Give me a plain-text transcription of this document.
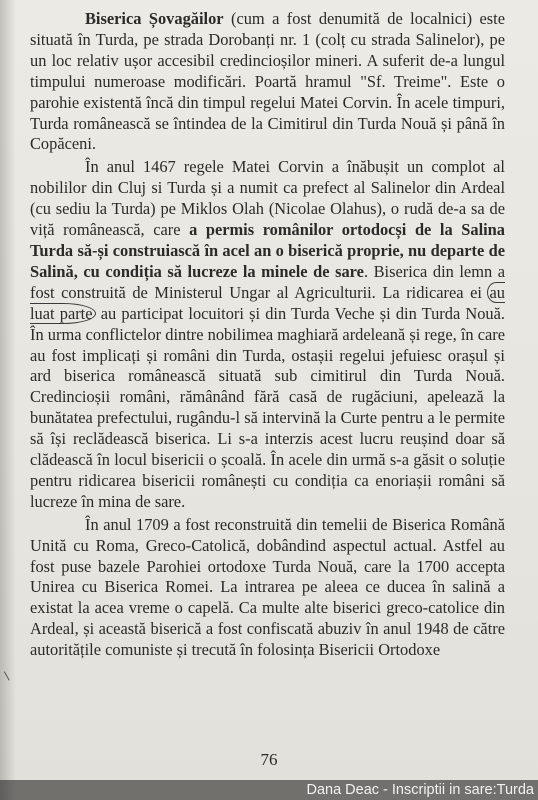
Biserica Șovagăilor (cum a fost denumită de localnici) este situată în Turda, pe strada Dorobanți nr. 1 (colț cu strada Salinelor), pe un loc relativ ușor accesibil credincioșilor mineri. A suferit de-a lungul timpului numeroase modificări. Poartă hramul "Sf. Treime". Este o parohie existentă încă din timpul regelui Matei Corvin. În acele timpuri, Turda românească se întindea de la Cimitirul din Turda Nouă și până în Copăceni.

În anul 1467 regele Matei Corvin a înăbușit un complot al nobililor din Cluj si Turda și a numit ca prefect al Salinelor din Ardeal (cu sediu la Turda) pe Miklos Olah (Nicolae Olahus), o rudă de-a sa de viță românească, care a permis românilor ortodocși de la Salina Turda să-și construiască în acel an o biserică proprie, nu departe de Salină, cu condiția să lucreze la minele de sare. Biserica din lemn a fost construită de Ministerul Ungar al Agriculturii. La ridicarea ei au luat parte au participat locuitori și din Turda Veche și din Turda Nouă. În urma conflictelor dintre nobilimea maghiară ardeleană și rege, în care au fost implicați și români din Turda, ostașii regelui jefuiesc orașul și ard biserica românească situată sub cimitirul din Turda Nouă. Credincioșii români, rămânând fără casă de rugăciuni, apelează la bunătatea prefectului, rugându-l să intervină la Curte pentru a le permite să își reclădească biserica. Li s-a interzis acest lucru reușind doar să clădească în locul bisericii o școală. În acele din urmă s-a găsit o soluție pentru ridicarea bisericii românești cu condiția ca enoriașii români să lucreze în mina de sare.

În anul 1709 a fost reconstruită din temelii de Biserica Română Unită cu Roma, Greco-Catolică, dobândind aspectul actual. Astfel au fost puse bazele Parohiei ortodoxe Turda Nouă, care la 1700 accepta Unirea cu Biserica Romei. La intrarea pe aleea ce ducea în salină a existat la acea vreme o capelă. Ca multe alte biserici greco-catolice din Ardeal, și această biserică a fost confiscată abuziv în anul 1948 de către autoritățile comuniste și trecută în folosința Bisericii Ortodoxe

76
Dana Deac - Inscriptii in sare:Turda
